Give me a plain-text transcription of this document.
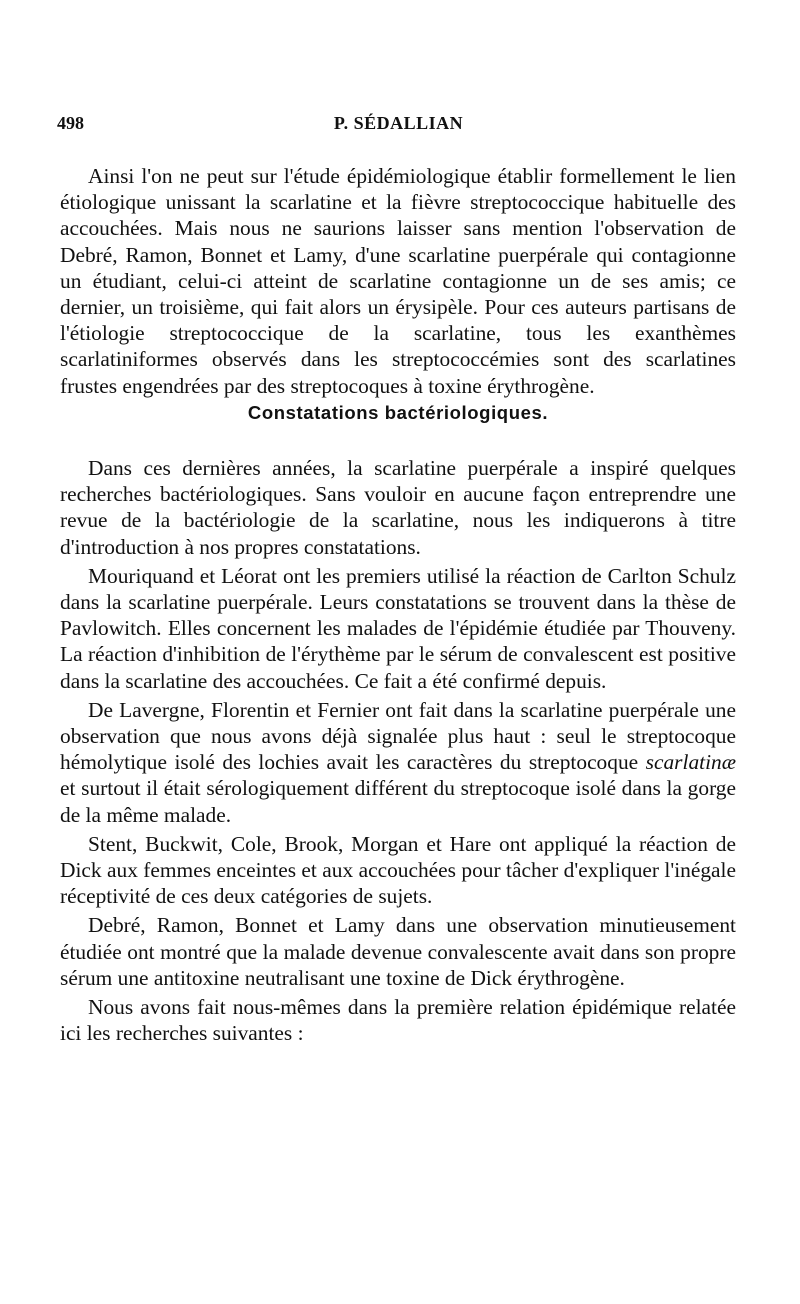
498	P. SÉDALLIAN

Ainsi l'on ne peut sur l'étude épidémiologique établir formellement le lien étiologique unissant la scarlatine et la fièvre streptococcique habituelle des accouchées. Mais nous ne saurions laisser sans mention l'observation de Debré, Ramon, Bonnet et Lamy, d'une scarlatine puerpérale qui contagionne un étudiant, celui-ci atteint de scarlatine contagionne un de ses amis; ce dernier, un troisième, qui fait alors un érysipèle. Pour ces auteurs partisans de l'étiologie streptococcique de la scarlatine, tous les exanthèmes scarlatiniformes observés dans les streptococcémies sont des scarlatines frustes engendrées par des streptocoques à toxine érythrogène.

Constatations bactériologiques.

Dans ces dernières années, la scarlatine puerpérale a inspiré quelques recherches bactériologiques. Sans vouloir en aucune façon entreprendre une revue de la bactériologie de la scarlatine, nous les indiquerons à titre d'introduction à nos propres constatations.

Mouriquand et Léorat ont les premiers utilisé la réaction de Carlton Schulz dans la scarlatine puerpérale. Leurs constatations se trouvent dans la thèse de Pavlowitch. Elles concernent les malades de l'épidémie étudiée par Thouveny. La réaction d'inhibition de l'érythème par le sérum de convalescent est positive dans la scarlatine des accouchées. Ce fait a été confirmé depuis.

De Lavergne, Florentin et Fernier ont fait dans la scarlatine puerpérale une observation que nous avons déjà signalée plus haut : seul le streptocoque hémolytique isolé des lochies avait les caractères du streptocoque scarlatinæ et surtout il était sérologiquement différent du streptocoque isolé dans la gorge de la même malade.

Stent, Buckwit, Cole, Brook, Morgan et Hare ont appliqué la réaction de Dick aux femmes enceintes et aux accouchées pour tâcher d'expliquer l'inégale réceptivité de ces deux catégories de sujets.

Debré, Ramon, Bonnet et Lamy dans une observation minutieusement étudiée ont montré que la malade devenue convalescente avait dans son propre sérum une antitoxine neutralisant une toxine de Dick érythrogène.

Nous avons fait nous-mêmes dans la première relation épidémique relatée ici les recherches suivantes :
